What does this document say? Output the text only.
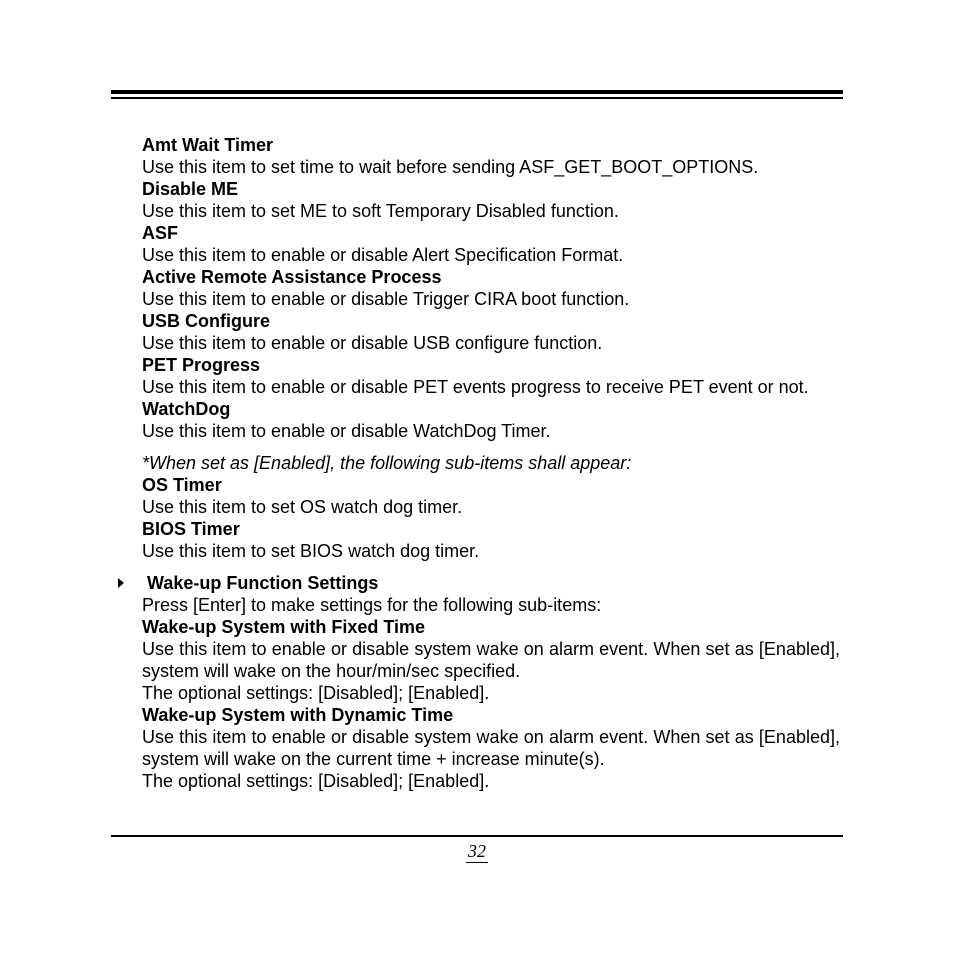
Amt Wait Timer
Use this item to set time to wait before sending ASF_GET_BOOT_OPTIONS.
Disable ME
Use this item to set ME to soft Temporary Disabled function.
ASF
Use this item to enable or disable Alert Specification Format.
Active Remote Assistance Process
Use this item to enable or disable Trigger CIRA boot function.
USB Configure
Use this item to enable or disable USB configure function.
PET Progress
Use this item to enable or disable PET events progress to receive PET event or not.
WatchDog
Use this item to enable or disable WatchDog Timer.
*When set as [Enabled], the following sub-items shall appear:
OS Timer
Use this item to set OS watch dog timer.
BIOS Timer
Use this item to set BIOS watch dog timer.
Wake-up Function Settings
Press [Enter] to make settings for the following sub-items:
Wake-up System with Fixed Time
Use this item to enable or disable system wake on alarm event. When set as [Enabled], system will wake on the hour/min/sec specified.
The optional settings: [Disabled]; [Enabled].
Wake-up System with Dynamic Time
Use this item to enable or disable system wake on alarm event. When set as [Enabled], system will wake on the current time + increase minute(s).
The optional settings: [Disabled]; [Enabled].
32
